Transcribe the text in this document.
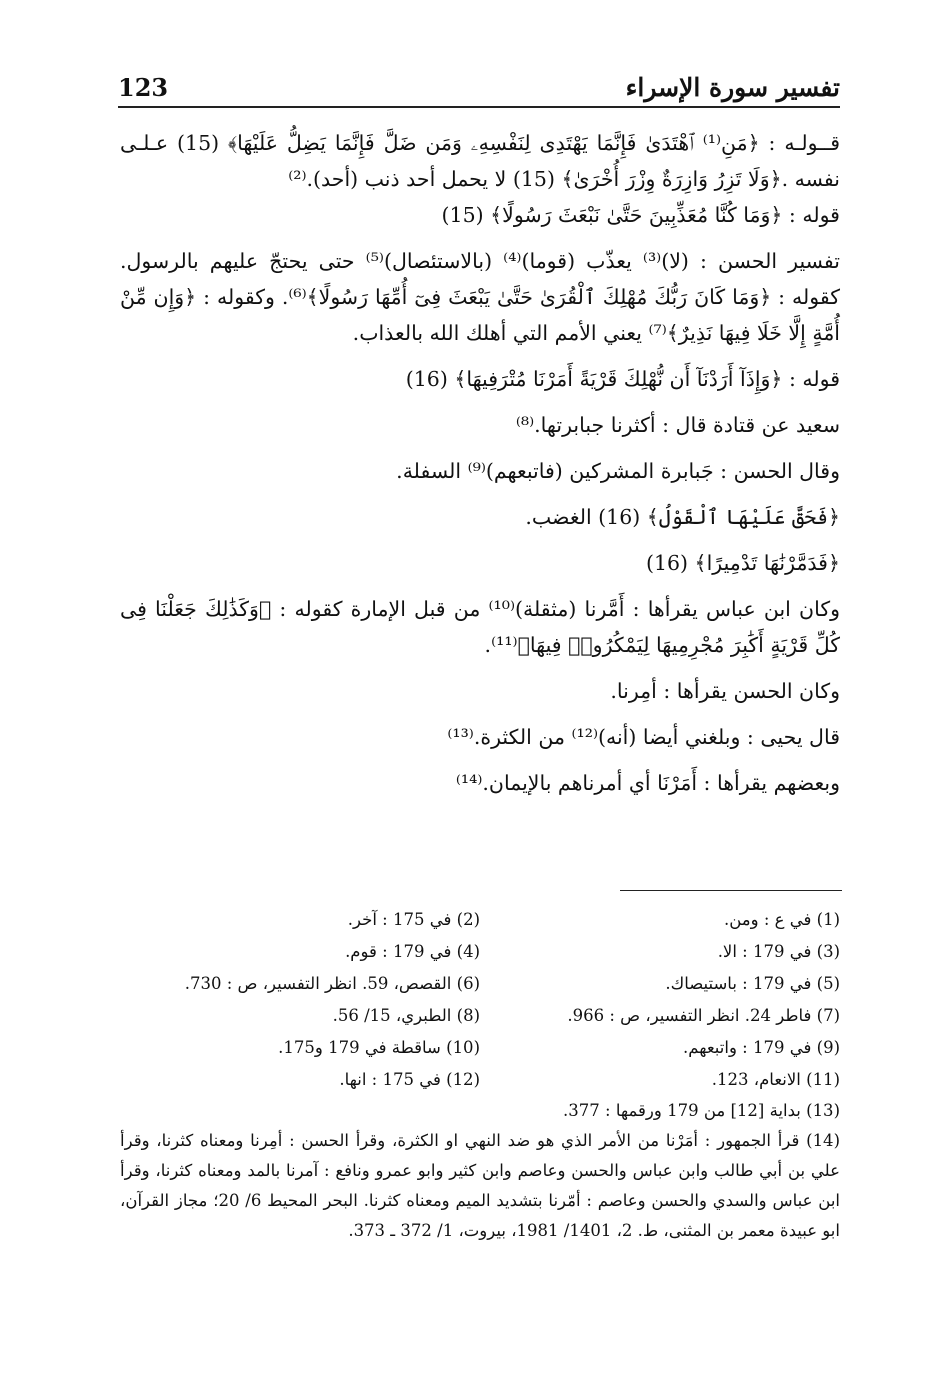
تفسير سورة الإسراء
123

قــولـه : ﴿مَنِ⁽¹⁾ ٱهْتَدَىٰ فَإِنَّمَا يَهْتَدِى لِنَفْسِهِۦ وَمَن ضَلَّ فَإِنَّمَا يَضِلُّ عَلَيْهَا﴾ (15) عـلـى نفسه .﴿وَلَا تَزِرُ وَازِرَةٌ وِزْرَ أُخْرَىٰ﴾ (15) لا يحمل أحد ذنب (أحد).⁽²⁾

قوله : ﴿وَمَا كُنَّا مُعَذِّبِينَ حَتَّىٰ نَبْعَثَ رَسُولًا﴾ (15)

تفسير الحسن : (لا)⁽³⁾ يعذّب (قوما)⁽⁴⁾ (بالاستئصال)⁽⁵⁾ حتى يحتجّ عليهم بالرسول. كقوله : ﴿وَمَا كَانَ رَبُّكَ مُهْلِكَ ٱلْقُرَىٰ حَتَّىٰ يَبْعَثَ فِىٓ أُمِّهَا رَسُولًا﴾⁽⁶⁾. وكقوله : ﴿وَإِن مِّنْ أُمَّةٍ إِلَّا خَلَا فِيهَا نَذِيرٌ﴾⁽⁷⁾ يعني الأمم التي أهلك الله بالعذاب.

قوله : ﴿وَإِذَآ أَرَدْنَآ أَن نُّهْلِكَ قَرْيَةً أَمَرْنَا مُتْرَفِيهَا﴾ (16)

سعيد عن قتادة قال : أكثرنا جبابرتها.⁽⁸⁾

وقال الحسن : جَبابرة المشركين (فاتبعهم)⁽⁹⁾ السفلة.

﴿فَحَقَّ عَلَيْهَا ٱلْقَوْلُ﴾ (16) الغضب.

﴿فَدَمَّرْنَٰهَا تَدْمِيرًا﴾ (16)

وكان ابن عباس يقرأها : أَمَّرنا (مثقلة)⁽¹⁰⁾ من قبل الإمارة كقوله : ﴿وَكَذَٰلِكَ جَعَلْنَا فِى كُلِّ قَرْيَةٍ أَكَٰبِرَ مُجْرِمِيهَا لِيَمْكُرُوا۟ فِيهَا﴾⁽¹¹⁾.

وكان الحسن يقرأها : أمِرنا.

قال يحيى : وبلغني أيضا (أنه)⁽¹²⁾ من الكثرة.⁽¹³⁾

وبعضهم يقرأها : أَمَرْنَا أي أمرناهم بالإيمان.⁽¹⁴⁾

(1) في ع : ومن.
(2) في 175 : آخر.
(3) في 179 : الا.
(4) في 179 : قوم.
(5) في 179 : باستيصاك.
(6) القصص، 59. انظر التفسير، ص : 730.
(7) فاطر 24. انظر التفسير، ص : 966.
(8) الطبري، 15/ 56.
(9) في 179 : واتبعهم.
(10) ساقطة في 179 و175.
(11) الانعام، 123.
(12) في 175 : انها.
(13) بداية [12] من 179 ورقمها : 377.
(14) قرأ الجمهور : أمَرْنا من الأمر الذي هو ضد النهي او الكثرة، وقرأ الحسن : أمِرنا ومعناه كثرنا، وقرأ علي بن أبي طالب وابن عباس والحسن وعاصم وابن كثير وابو عمرو ونافع : آمرنا بالمد ومعناه كثرنا، وقرأ ابن عباس والسدي والحسن وعاصم : أمّرنا بتشديد الميم ومعناه كثرنا. البحر المحيط 6/ 20؛ مجاز القرآن، ابو عبيدة معمر بن المثنى، ط. 2، 1401/ 1981، بيروت، 1/ 372 ـ 373.
